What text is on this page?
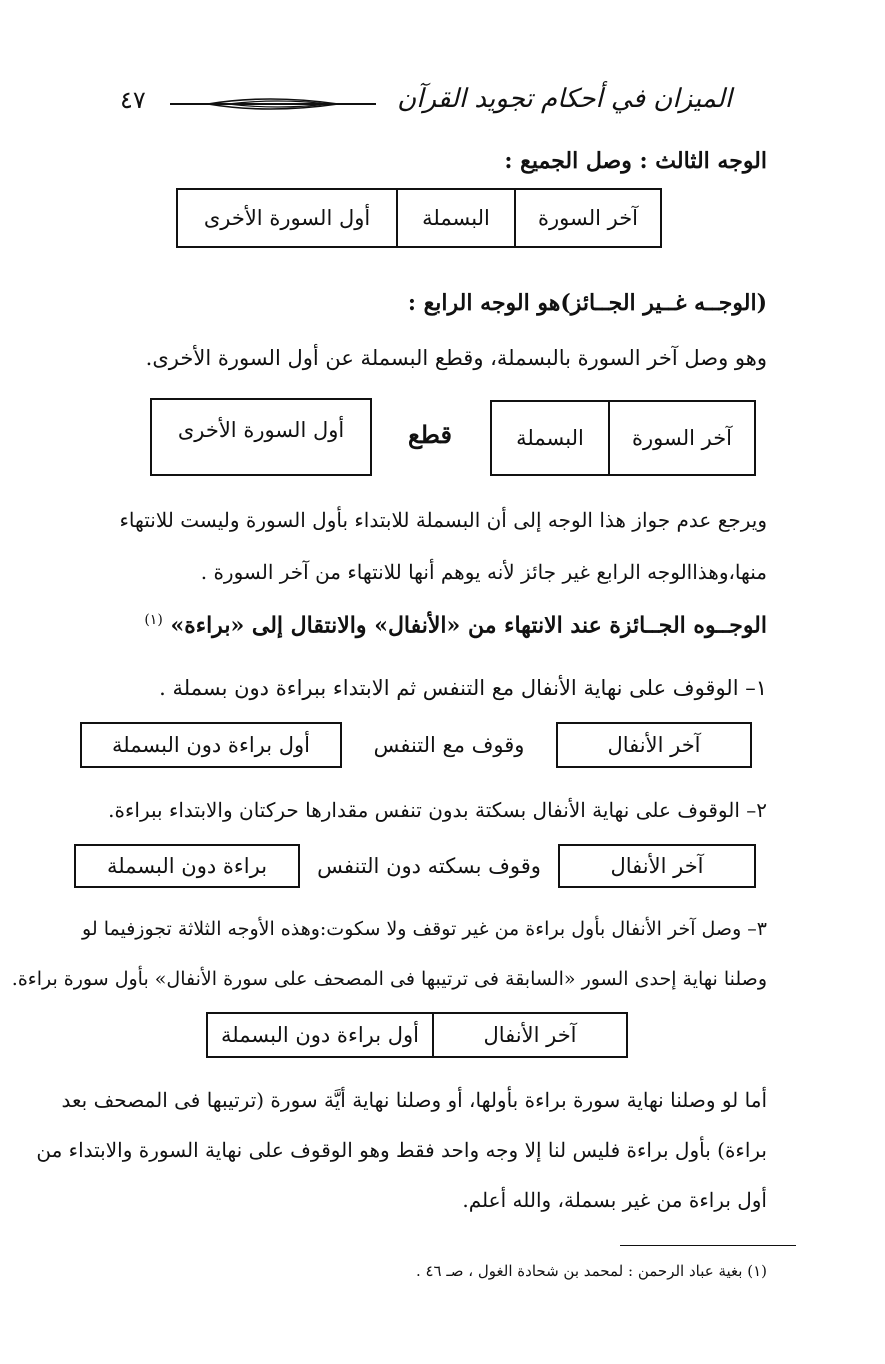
الميزان في أحكام تجويد القرآن
٤٧
الوجه الثالث : وصل الجميع :
آخر السورة
البسملة
أول السورة الأخرى
(الوجــه غــير الجــائز)هو الوجه الرابع :
وهو وصل آخر السورة بالبسملة، وقطع البسملة عن أول السورة الأخرى.
آخر السورة
البسملة
قطع
أول السورة الأخرى
ويرجع عدم جواز هذا الوجه إلى أن البسملة للابتداء بأول السورة وليست للانتهاء
منها،وهذاالوجه الرابع غير جائز لأنه يوهم أنها للانتهاء من آخر السورة .
الوجــوه الجــائزة عند الانتهاء من «الأنفال» والانتقال إلى «براءة» $^{(١)}$
١– الوقوف على نهاية الأنفال مع التنفس ثم الابتداء ببراءة دون بسملة .
آخر الأنفال
وقوف مع التنفس
أول براءة دون البسملة
٢– الوقوف على نهاية الأنفال بسكتة بدون تنفس مقدارها حركتان والابتداء ببراءة.
آخر الأنفال
وقوف بسكته دون التنفس
براءة دون البسملة
٣– وصل آخر الأنفال بأول براءة من غير توقف ولا سكوت:وهذه الأوجه الثلاثة تجوزفيما لو
وصلنا نهاية إحدى السور «السابقة فى ترتيبها فى المصحف على سورة الأنفال» بأول سورة براءة.
آخر الأنفال
أول براءة دون البسملة
أما لو وصلنا نهاية سورة براءة بأولها، أو وصلنا نهاية أيَّة سورة (ترتيبها فى المصحف بعد
براءة) بأول براءة فليس لنا إلا وجه واحد فقط وهو الوقوف على نهاية السورة والابتداء من
أول براءة من غير بسملة، والله أعلم.
(١) بغية عباد الرحمن : لمحمد بن شحادة الغول ، صـ ٤٦ .
